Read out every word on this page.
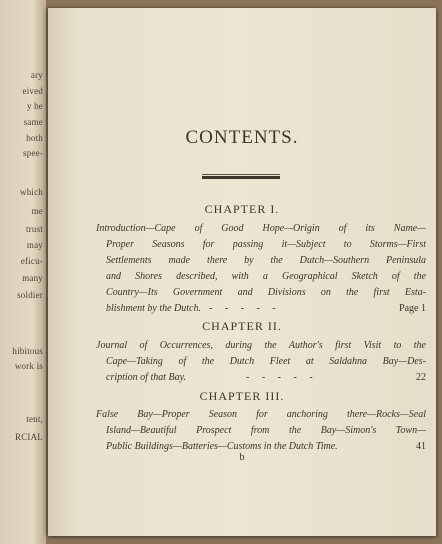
ary
eived
y be
same
both
spee-
which
me
trust
may
eficu-
many
soldier
hibitous
work is
tent,
RCIAL
CONTENTS.
CHAPTER I.
Introduction—Cape of Good Hope—Origin of its Name—
Proper Seasons for passing it—Subject to Storms—First
Settlements made there by the Dutch—Southern Peninsula
and Shores described, with a Geographical Sketch of the
Country—Its Government and Divisions on the first Esta-
blishment by the Dutch. - - - - -	Page 1
CHAPTER II.
Journal of Occurrences, during the Author's first Visit to the
Cape—Taking of the Dutch Fleet at Saldahna Bay—Des-
cription of that Bay.	- - - - -	22
CHAPTER III.
False Bay—Proper Season for anchoring there—Rocks—Seal
Island—Beautiful Prospect from the Bay—Simon's Town—
Public Buildings—Batteries—Customs in the Dutch Time.	41
b
